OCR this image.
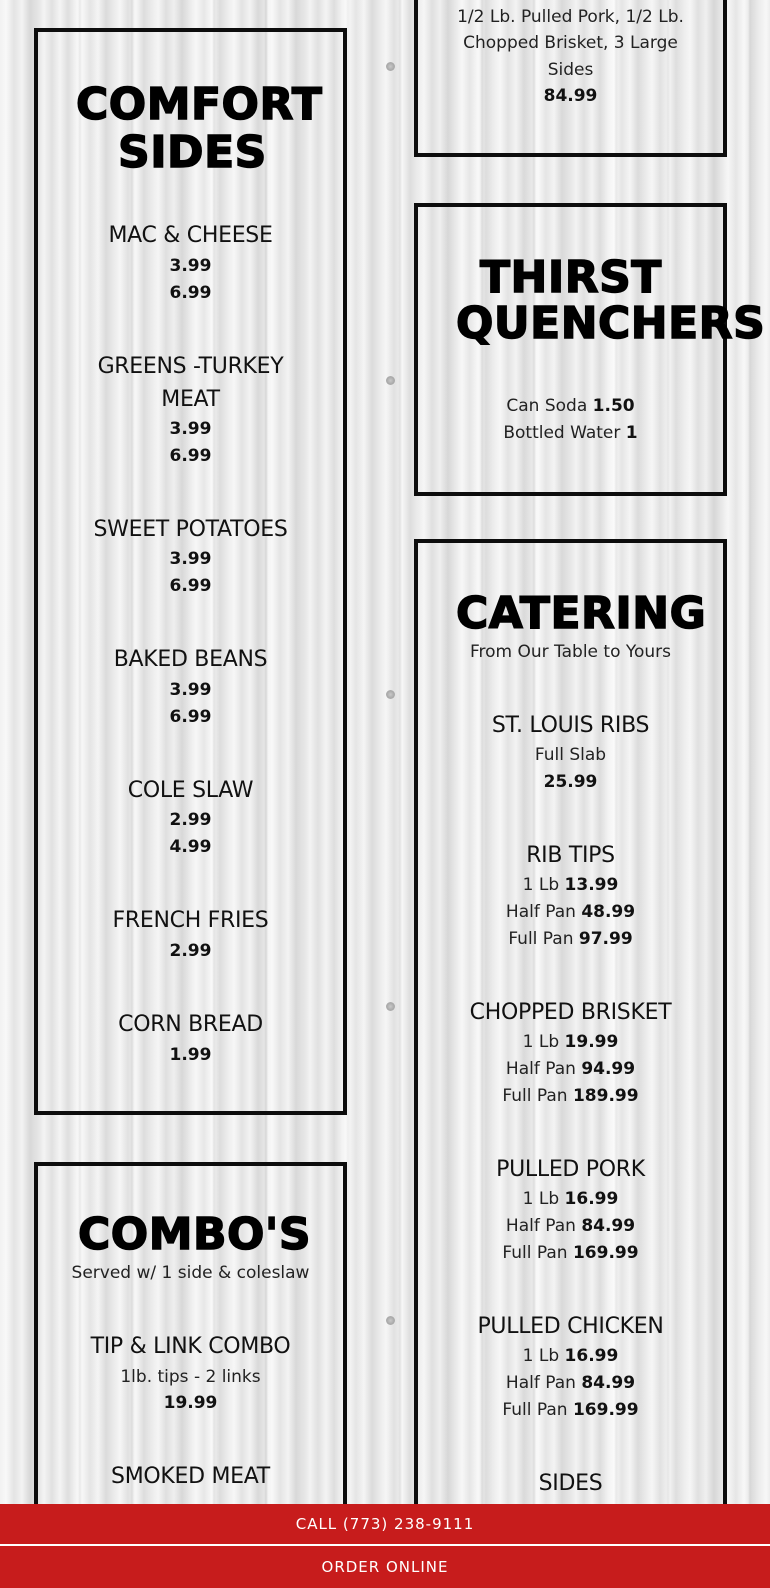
1/2 Lb. Pulled Pork, 1/2 Lb.
Chopped Brisket, 3 Large
Sides
84.99
COMFORT
SIDES
MAC & CHEESE
3.99
6.99
GREENS -TURKEY
MEAT
3.99
6.99
SWEET POTATOES
3.99
6.99
BAKED BEANS
3.99
6.99
COLE SLAW
2.99
4.99
FRENCH FRIES
2.99
CORN BREAD
1.99
THIRST
QUENCHERS
Can Soda 1.50
Bottled Water 1
CATERING
From Our Table to Yours
ST. LOUIS RIBS
Full Slab
25.99
RIB TIPS
1 Lb 13.99
Half Pan 48.99
Full Pan 97.99
CHOPPED BRISKET
1 Lb 19.99
Half Pan 94.99
Full Pan 189.99
PULLED PORK
1 Lb 16.99
Half Pan 84.99
Full Pan 169.99
PULLED CHICKEN
1 Lb 16.99
Half Pan 84.99
Full Pan 169.99
SIDES
COMBO'S
Served w/ 1 side & coleslaw
TIP & LINK COMBO
1lb. tips - 2 links
19.99
SMOKED MEAT
CALL (773) 238-9111
ORDER ONLINE
